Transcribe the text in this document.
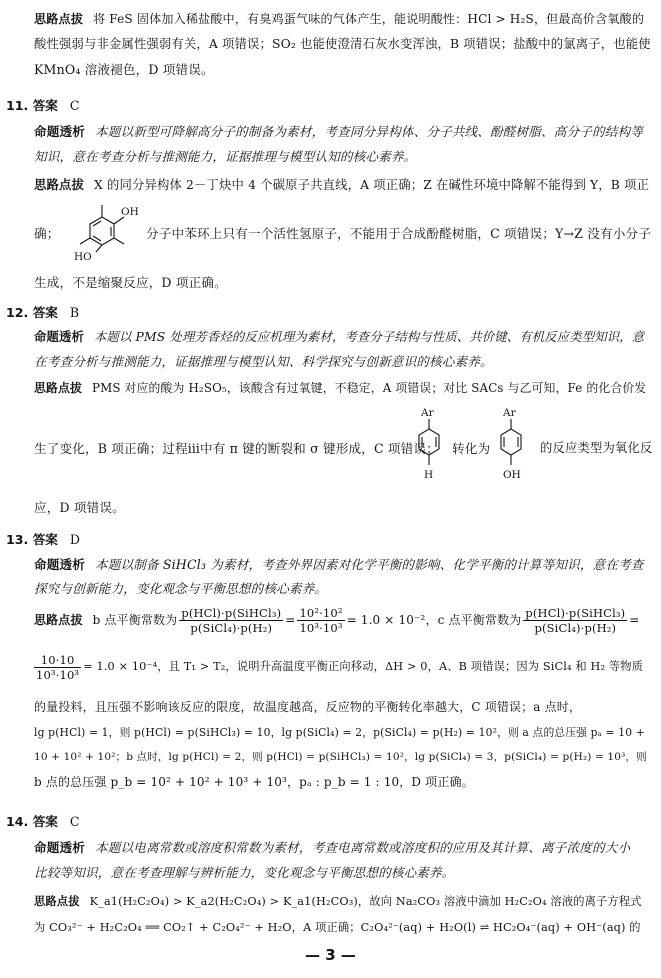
思路点拔 将 FeS 固体加入稀盐酸中，有臭鸡蛋气味的气体产生，能说明酸性：HCl > H₂S，但最高价含氧酸的
酸性强弱与非金属性强弱有关，A 项错误；SO₂ 也能使澄清石灰水变浑浊，B 项错误；盐酸中的氯离子，也能使
KMnO₄ 溶液褪色，D 项错误。
11. 答案 C
命题透析 本题以新型可降解高分子的制备为素材，考查同分异构体、分子共线、酚醛树脂、高分子的结构等
知识，意在考查分析与推测能力，证据推理与模型认知的核心素养。
思路点拔 X 的同分异构体 2－丁炔中 4 个碳原子共直线，A 项正确；Z 在碱性环境中降解不能得到 Y，B 项正
确；
OH
HO
分子中苯环上只有一个活性氢原子，不能用于合成酚醛树脂，C 项错误；Y→Z 没有小分子
生成，不是缩聚反应，D 项正确。
12. 答案 B
命题透析 本题以 PMS 处理芳香烃的反应机理为素材，考查分子结构与性质、共价键、有机反应类型知识，意
在考查分析与推测能力，证据推理与模型认知、科学探究与创新意识的核心素养。
思路点拔 PMS 对应的酸为 H₂SO₅，该酸含有过氧键，不稳定，A 项错误；对比 SACs 与乙可知，Fe 的化合价发
生了变化，B 项正确；过程ⅲ中有 π 键的断裂和 σ 键形成，C 项错误；
Ar
H
转化为
Ar
OH
的反应类型为氧化反
应，D 项错误。
13. 答案 D
命题透析 本题以制备 SiHCl₃ 为素材，考查外界因素对化学平衡的影响、化学平衡的计算等知识，意在考查
探究与创新能力，变化观念与平衡思想的核心素养。
思路点拔 b 点平衡常数为 $\frac{\text{p(HCl)·p(SiHCl₃)}}{\text{p(SiCl₄)·p(H₂)}} = \frac{\text{10²·10²}}{\text{10³·10³}} = 1.0 \times 10^{-2}$，c 点平衡常数为 $\frac{\text{p(HCl)·p(SiHCl₃)}}{\text{p(SiCl₄)·p(H₂)}}$ =
$\frac{10\cdot 10}{\text{10³·10³}} = 1.0 \times 10^{-4}$，且 T₁ > T₂，说明升高温度平衡正向移动，ΔH > 0，A、B 项错误；因为 SiCl₄ 和 H₂ 等物质
的量投料，且压强不影响该反应的限度，故温度越高，反应物的平衡转化率越大，C 项错误；a 点时，
lg p(HCl) = 1，则 p(HCl) = p(SiHCl₃) = 10，lg p(SiCl₄) = 2，p(SiCl₄) = p(H₂) = 10²，则 a 点的总压强 pₐ = 10 +
10 + 10² + 10²；b 点时，lg p(HCl) = 2，则 p(HCl) = p(SiHCl₃) = 10²，lg p(SiCl₄) = 3，p(SiCl₄) = p(H₂) = 10³，则
b 点的总压强 p_b = 10² + 10² + 10³ + 10³，pₐ : p_b = 1 : 10，D 项正确。
14. 答案 C
命题透析 本题以电离常数或溶度积常数为素材，考查电离常数或溶度积的应用及其计算、离子浓度的大小
比较等知识，意在考查理解与辨析能力，变化观念与平衡思想的核心素养。
思路点拔 K_a1(H₂C₂O₄) > K_a2(H₂C₂O₄) > K_a1(H₂CO₃)，故向 Na₂CO₃ 溶液中滴加 H₂C₂O₄ 溶液的离子方程式
为 CO₃²⁻ + H₂C₂O₄ ══ CO₂↑ + C₂O₄²⁻ + H₂O，A 项正确；C₂O₄²⁻(aq) + H₂O(l) ⇌ HC₂O₄⁻(aq) + OH⁻(aq) 的
— 3 —
